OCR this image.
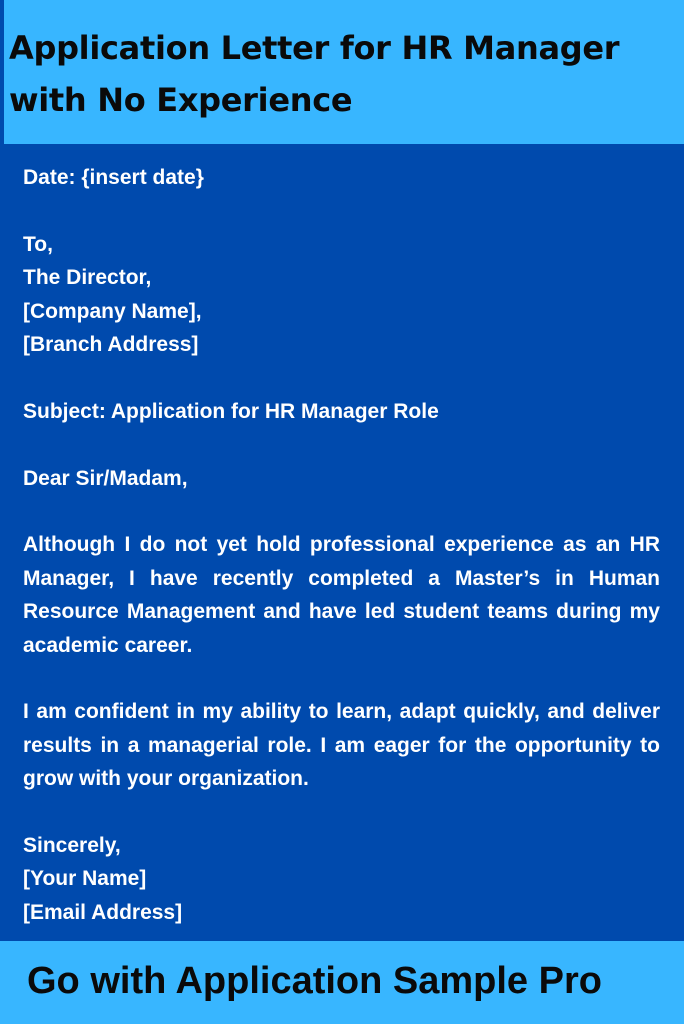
Application Letter for HR Manager with No Experience

Date: {insert date}

To,

The Director,

[Company Name],

[Branch Address]

Subject: Application for HR Manager Role

Dear Sir/Madam,

Although I do not yet hold professional experience as an HR Manager, I have recently completed a Master’s in Human Resource Management and have led student teams during my academic career.

I am confident in my ability to learn, adapt quickly, and deliver results in a managerial role. I am eager for the opportunity to grow with your organization.

Sincerely,

[Your Name]

[Email Address]

Go with Application Sample Pro
